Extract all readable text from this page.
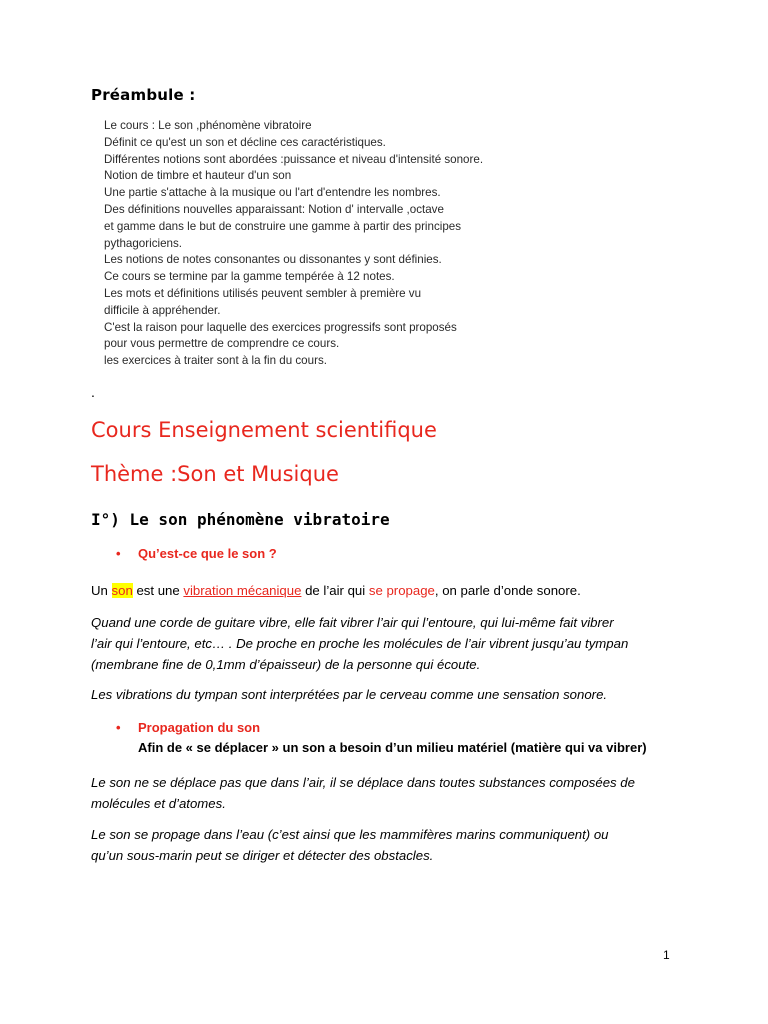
Préambule :
Le cours : Le son ,phénomène vibratoire
Définit ce qu'est un son et décline ces caractéristiques.
Différentes notions sont abordées :puissance et niveau d'intensité sonore.
Notion de timbre et hauteur d'un son
Une partie s'attache à la musique ou l'art d'entendre les nombres.
Des définitions nouvelles apparaissant: Notion d' intervalle ,octave
et gamme dans le but de construire une gamme à partir des principes
pythagoriciens.
Les notions de notes consonantes ou dissonantes y sont définies.
Ce cours se termine par la gamme tempérée à 12 notes.
Les mots et définitions utilisés peuvent sembler à première vu
difficile à appréhender.
C'est la raison pour laquelle des exercices progressifs sont proposés
pour vous permettre de comprendre ce cours.
les exercices à traiter sont à la fin du cours.
.
Cours Enseignement scientifique
Thème :Son et Musique
I°) Le son phénomène vibratoire
• Qu’est-ce que le son ?
Un son est une vibration mécanique de l’air qui se propage, on parle d’onde sonore.
Quand une corde de guitare vibre, elle fait vibrer l’air qui l’entoure, qui lui-même fait vibrer
l’air qui l’entoure, etc… . De proche en proche les molécules de l’air vibrent jusqu’au tympan
(membrane fine de 0,1mm d’épaisseur) de la personne qui écoute.
Les vibrations du tympan sont interprétées par le cerveau comme une sensation sonore.
• Propagation du son
Afin de « se déplacer » un son a besoin d’un milieu matériel (matière qui va vibrer)
Le son ne se déplace pas que dans l’air, il se déplace dans toutes substances composées de
molécules et d’atomes.
Le son se propage dans l’eau (c’est ainsi que les mammifères marins communiquent) ou
qu’un sous-marin peut se diriger et détecter des obstacles.
1
